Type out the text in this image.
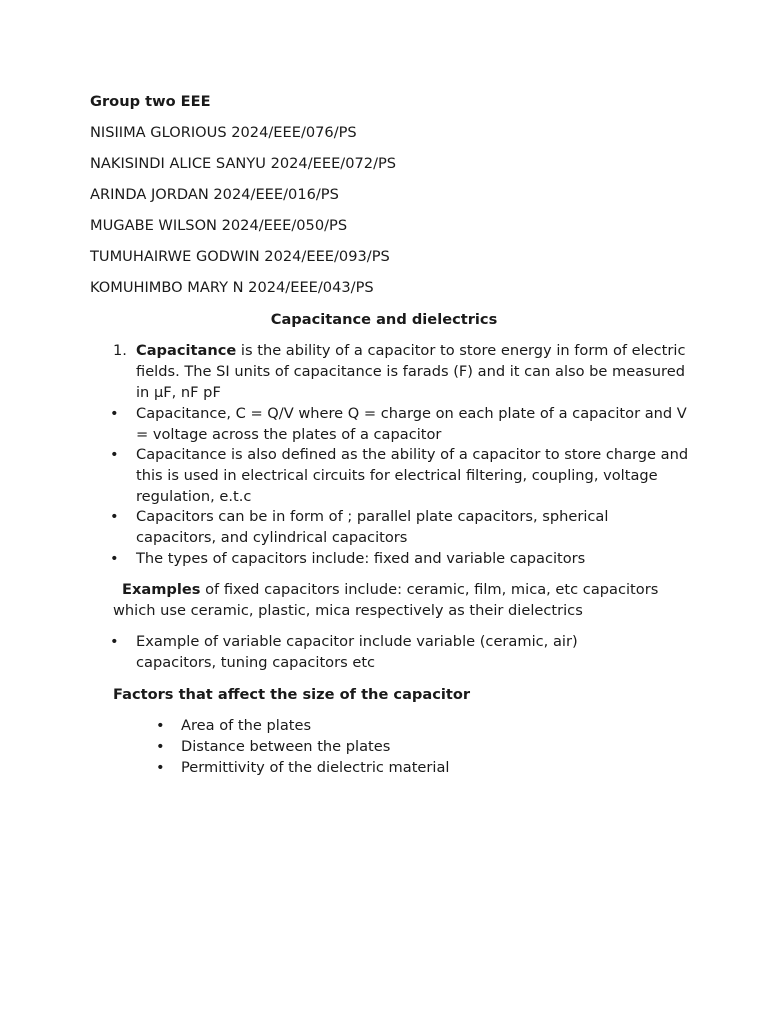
Group two EEE
NISIIMA GLORIOUS 2024/EEE/076/PS
NAKISINDI ALICE SANYU 2024/EEE/072/PS
ARINDA JORDAN 2024/EEE/016/PS
MUGABE WILSON 2024/EEE/050/PS
TUMUHAIRWE GODWIN 2024/EEE/093/PS
KOMUHIMBO MARY N 2024/EEE/043/PS
Capacitance and dielectrics
1. Capacitance is the ability of a capacitor to store energy in form of electric fields. The SI units of capacitance is farads (F) and it can also be measured in µF, nF pF
• Capacitance, C = Q/V where Q = charge on each plate of a capacitor and V = voltage across the plates of a capacitor
• Capacitance is also defined as the ability of a capacitor to store charge and this is used in electrical circuits for electrical filtering, coupling, voltage regulation, e.t.c
• Capacitors can be in form of ; parallel plate capacitors, spherical capacitors, and cylindrical capacitors
• The types of capacitors include: fixed and variable capacitors
Examples of fixed capacitors include: ceramic, film, mica, etc capacitors which use ceramic, plastic, mica respectively as their dielectrics
• Example of variable capacitor include variable (ceramic, air) capacitors, tuning capacitors etc
Factors that affect the size of the capacitor
• Area of the plates
• Distance between the plates
• Permittivity of the dielectric material
